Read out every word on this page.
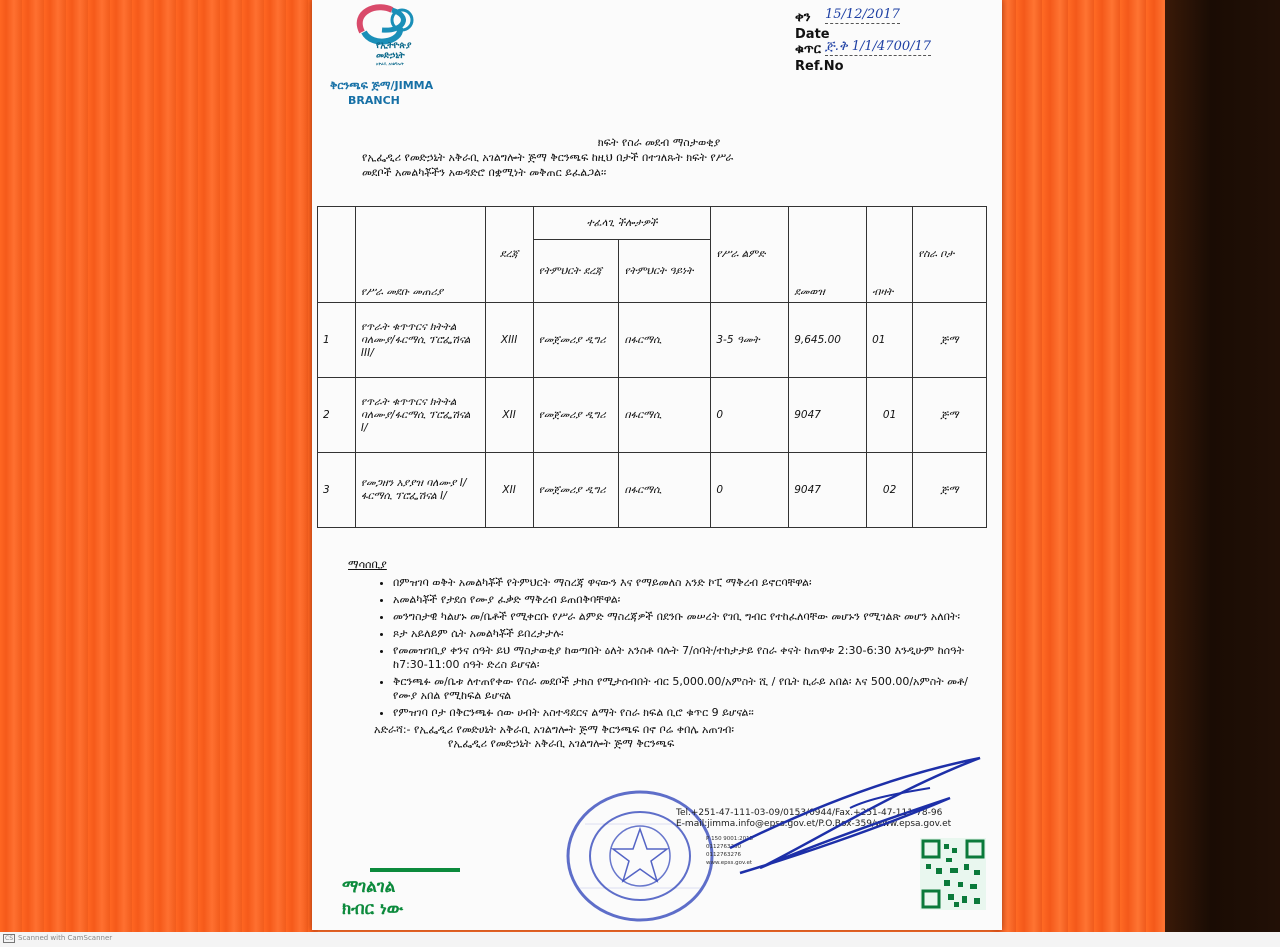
የኢትዮጵያ
መድኃኒት
አቅራቢ አገልግሎት
ቅርንጫፍ ጅማ/JIMMA
BRANCH
ቀን 15/12/2017
Date
ቁጥር ጅ.ቅ 1/1/4700/17
Ref.No
ክፍት የስራ መደብ ማስታወቂያ
የኢፌዲሪ የመድኃኒት አቅራቢ አገልግሎት ጅማ ቅርንጫፍ ከዚህ በታች በተገለጹት ክፍት የሥራ
መደቦች አመልካቾችን አወዳድሮ በቋሚነት መቅጠር ይፈልጋል፡፡
	የሥራ መደቡ መጠሪያ	ደረጃ	ተፈላጊ ችሎታዎች		የሥራ ልምድ	ደመወዝ	ብዛት	የስራ ቦታ
			የትምህርት ደረጃ	የትምህርት ዓይነት				
1	የጥራት ቁጥጥርና ክትትል ባለሙያ/ፋርማሲ ፕሮፌሽናል III/	XIII	የመጀመሪያ ዲግሪ	በፋርማሲ	3-5 ዓመት	9,645.00	01	ጅማ
2	የጥራት ቁጥጥርና ክትትል ባለሙያ/ፋርማሲ ፕሮፌሽናል I/	XII	የመጀመሪያ ዲግሪ	በፋርማሲ	0	9047	01	ጅማ
3	የመጋዘን አያያዝ ባለሙያ I/ፋርማሲ ፕሮፌሽናል I/	XII	የመጀመሪያ ዲግሪ	በፋርማሲ	0	9047	02	ጅማ
ማሳሰቢያ
• በምዝገባ ወቅት አመልካቾች የትምህርት ማስረጃ ዋናውን እና የማይመለስ አንድ ኮፒ ማቅረብ ይኖርባቸዋል፡
• አመልካቾች የታደሰ የሙያ ፈቃድ ማቅረብ ይጠበቅባቸዋል፡
• መንግስታዊ ካልሆኑ መ/ቤቶች የሚቀርቡ የሥራ ልምድ ማስረጃዎች በደንቡ መሠረት የገቢ ግብር የተከፈለባቸው መሆኑን የሚገልጽ መሆን አለበት፡
• ጾታ አይለይም ሴት አመልካቾች ይበረታታሉ፡
• የመመዝገቢያ ቀንና ሰዓት ይህ ማስታወቂያ ከወጣበት ዕለት አንስቶ ባሉት 7/ሰባት/ተከታታይ የስራ ቀናት ከጠዋቱ 2:30-6:30 እንዲሁም ከሰዓት ከ7:30-11:00 ሰዓት ድረስ ይሆናል፡
• ቅርንጫፉ መ/ቤቱ ለተጠየቀው የስራ መደቦች ታክስ የሚታሰብበት ብር 5,000.00/አምስት ሺ / የቤት ኪራይ አበል፡ እና 500.00/አምስት መቶ/ የሙያ አበል የሚከፍል ይሆናል
• የምዝገባ ቦታ በቅርንጫፉ ሰው ሀብት አስተዳደርና ልማት የስራ ክፍል ቢሮ ቁጥር 9 ይሆናል፡፡
አድራሻ:- የኢፌዲሪ የመድሀኒት አቅራቢ አገልግሎት ጅማ ቅርንጫፍ በኖ ቦሬ ቀበሌ አጠገብ፡
የኢፌዲሪ የመድኃኒት አቅራቢ አገልግሎት ጅማ ቅርንጫፍ
Tel.+251-47-111-03-09/0153/0944/Fax.+251-47-111-78-96
E-mail:jimma.info@epss.gov.et/P.O.Box-359/www.epsa.gov.et
P 150 9001:2015
0112763260
0112763276
www.epss.gov.et
ማገልገል
ክብር ነው
CS Scanned with CamScanner
